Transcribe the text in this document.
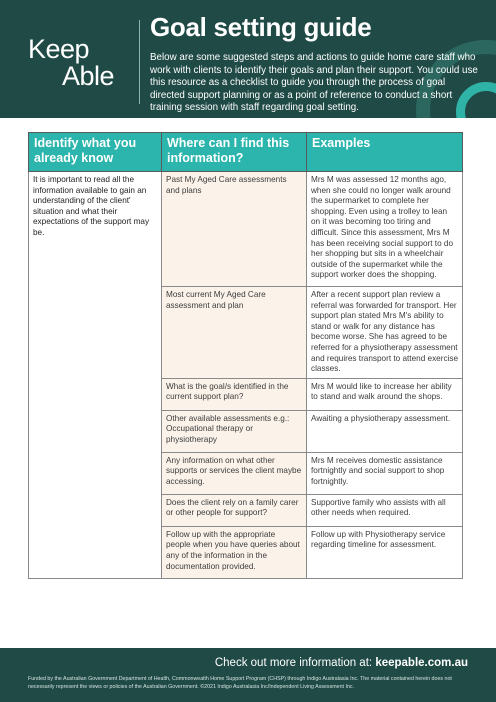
Keep
Able
Goal setting guide
Below are some suggested steps and actions to guide home care staff who work with clients to identify their goals and plan their support. You could use this resource as a checklist to guide you through the process of goal directed support planning or as a point of reference to conduct a short training session with staff regarding goal setting.
Identify what you already know	Where can I find this information?	Examples
It is important to read all the information available to gain an understanding of the client' situation and what their expectations of the support may be.	Past My Aged Care assessments and plans	Mrs M was assessed 12 months ago, when she could no longer walk around the supermarket to complete her shopping. Even using a trolley to lean on it was becoming too tiring and difficult. Since this assessment, Mrs M has been receiving social support to do her shopping but sits in a wheelchair outside of the supermarket while the support worker does the shopping.
	Most current My Aged Care assessment and plan	After a recent support plan review a referral was forwarded for transport. Her support plan stated Mrs M's ability to stand or walk for any distance has become worse. She has agreed to be referred for a physiotherapy assessment and requires transport to attend exercise classes.
	What is the goal/s identified in the current support plan?	Mrs M would like to increase her ability to stand and walk around the shops.
	Other available assessments e.g.: Occupational therapy or physiotherapy	Awaiting a physiotherapy assessment.
	Any information on what other supports or services the client maybe accessing.	Mrs M receives domestic assistance fortnightly and social support to shop fortnightly.
	Does the client rely on a family carer or other people for support?	Supportive family who assists with all other needs when required.
	Follow up with the appropriate people when you have queries about any of the information in the documentation provided.	Follow up with Physiotherapy service regarding timeline for assessment.
Check out more information at: keepable.com.au
Funded by the Australian Government Department of Health, Commonwealth Home Support Program (CHSP) through Indigo Australasia Inc. The material contained herein does not necessarily represent the views or policies of the Australian Government. ©2021 Indigo Australasia Inc/Independent Living Assessment Inc.
